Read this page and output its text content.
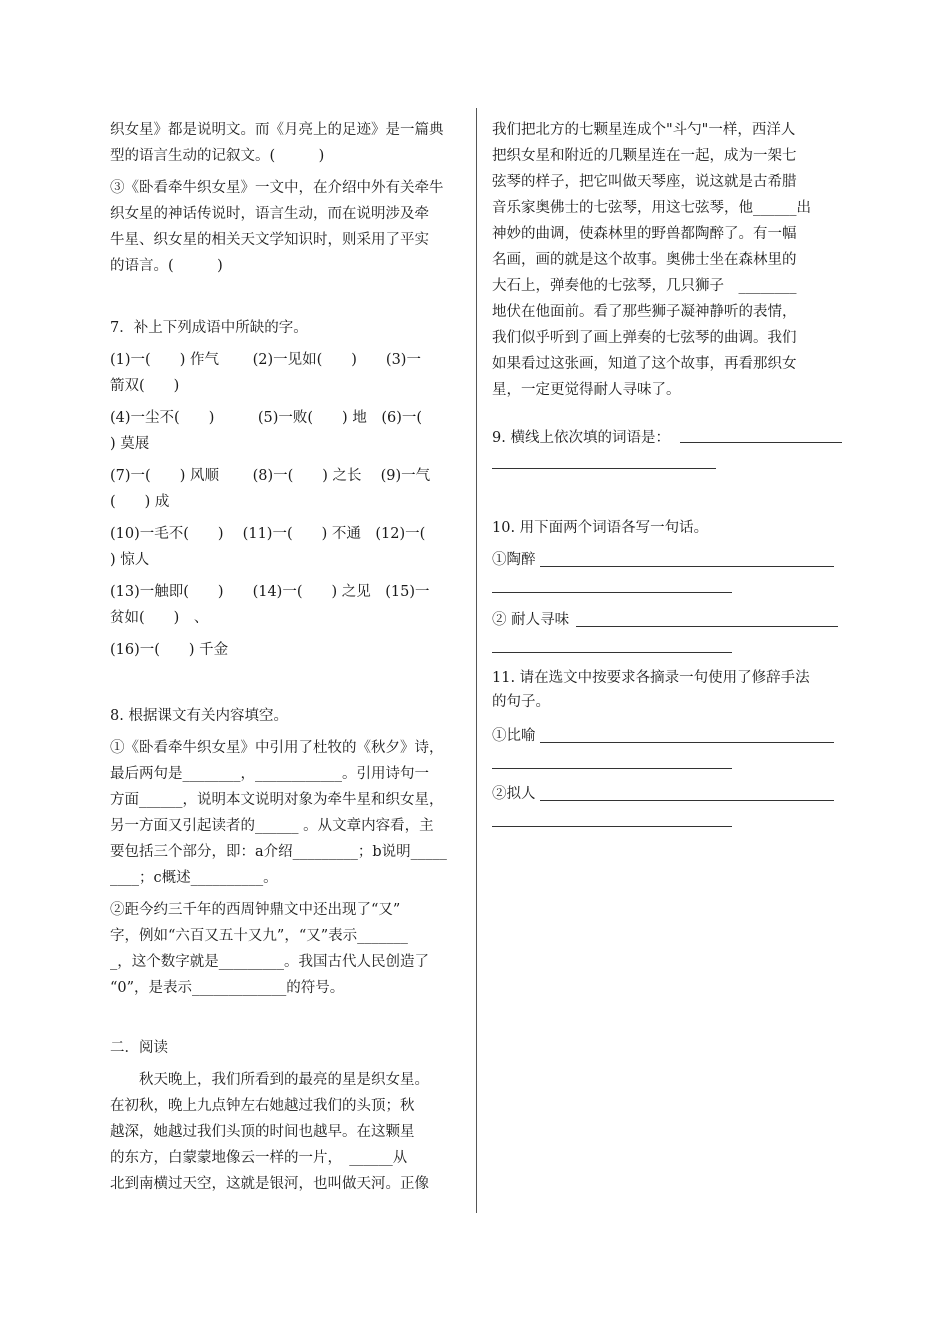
织女星》都是说明文。而《月亮上的足迹》是一篇典
型的语言生动的记叙文。(　　　)
③《卧看牵牛织女星》一文中，在介绍中外有关牵牛
织女星的神话传说时，语言生动，而在说明涉及牵
牛星、织女星的相关天文学知识时，则采用了平实
的语言。(　　　)
7．补上下列成语中所缺的字。
(1)一(　　) 作气　　 (2)一见如(　　)　　(3)一
箭双(　　)
(4)一尘不(　　)　　　(5)一败(　　) 地　(6)一(
) 莫展
(7)一(　　) 风顺　　 (8)一(　　) 之长　 (9)一气
(　　) 成
(10)一毛不(　　)　 (11)一(　　) 不通　(12)一(
) 惊人
(13)一触即(　　)　　(14)一(　　) 之见　(15)一
贫如(　　)　、
(16)一(　　) 千金
8. 根据课文有关内容填空。
①《卧看牵牛织女星》中引用了杜牧的《秋夕》诗，
最后两句是________，____________。引用诗句一
方面______，说明本文说明对象为牵牛星和织女星，
另一方面又引起读者的______ 。从文章内容看，主
要包括三个部分，即：a介绍_________；b说明_____
____；c概述__________。
②距今约三千年的西周钟鼎文中还出现了“又”
字，例如“六百又五十又九”，“又”表示_______
_，这个数字就是_________。我国古代人民创造了
“0”，是表示_____________的符号。
二．阅读
　　秋天晚上，我们所看到的最亮的星是织女星。
在初秋，晚上九点钟左右她越过我们的头顶；秋
越深，她越过我们头顶的时间也越早。在这颗星
的东方，白蒙蒙地像云一样的一片，　______从
北到南横过天空，这就是银河，也叫做天河。正像
我们把北方的七颗星连成个"斗勺"一样，西洋人
把织女星和附近的几颗星连在一起，成为一架七
弦琴的样子，把它叫做天琴座，说这就是古希腊
音乐家奥佛士的七弦琴，用这七弦琴，他______出
神妙的曲调，使森林里的野兽都陶醉了。有一幅
名画，画的就是这个故事。奥佛士坐在森林里的
大石上，弹奏他的七弦琴，几只狮子　________
地伏在他面前。看了那些狮子凝神静听的表情，
我们似乎听到了画上弹奏的七弦琴的曲调。我们
如果看过这张画，知道了这个故事，再看那织女
星，一定更觉得耐人寻味了。
9. 横线上依次填的词语是：
10. 用下面两个词语各写一句话。
①陶醉
② 耐人寻味
11. 请在选文中按要求各摘录一句使用了修辞手法
的句子。
①比喻
②拟人
